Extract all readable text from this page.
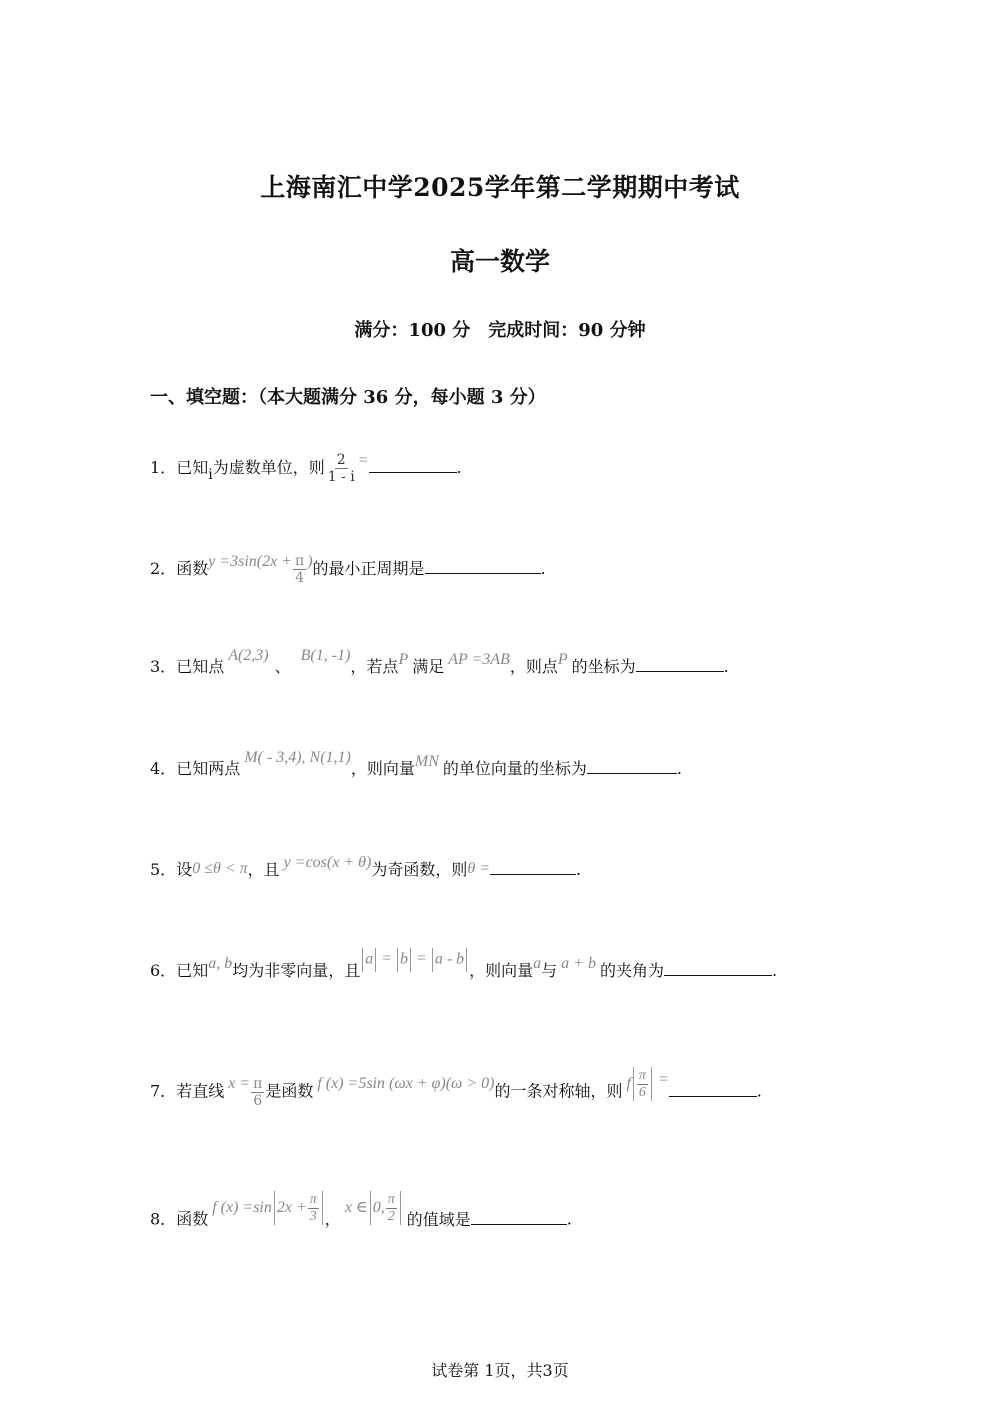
上海南汇中学2025学年第二学期期中考试
高一数学
满分：100 分　完成时间：90 分钟
一、填空题：（本大题满分 36 分，每小题 3 分）
1．已知i为虚数单位，则 $\frac{2}{1 - i}$ =	.
2．函数$y =3\sin(2x + \frac{\pi}{4}$ )的最小正周期是	.
3．已知点A(2,3)、B(1, -1)，若点P 满足 AP =3AB，则点P 的坐标为	.
4．已知两点M( - 3,4), N(1,1)，则向量MN 的单位向量的坐标为	.
5．设0 ≤θ < π，且 y =cos(x + θ)为奇函数，则θ =	.
6．已知a, b均为非零向量，且a = b = a - b，则向量a与 a + b 的夹角为	.
7．若直线 $x = \frac{\pi}{6}$ 是函数 f (x) =5sin (ωx + φ)(ω > 0)的一条对称轴，则 f $\frac{\pi}{6}$ =.
8．函数f (x) =sin $2x + \frac{\pi}{3}$ ，x ∈ 0, $\frac{\pi}{2}$ 的值域是	.
试卷第 1页，共3页
